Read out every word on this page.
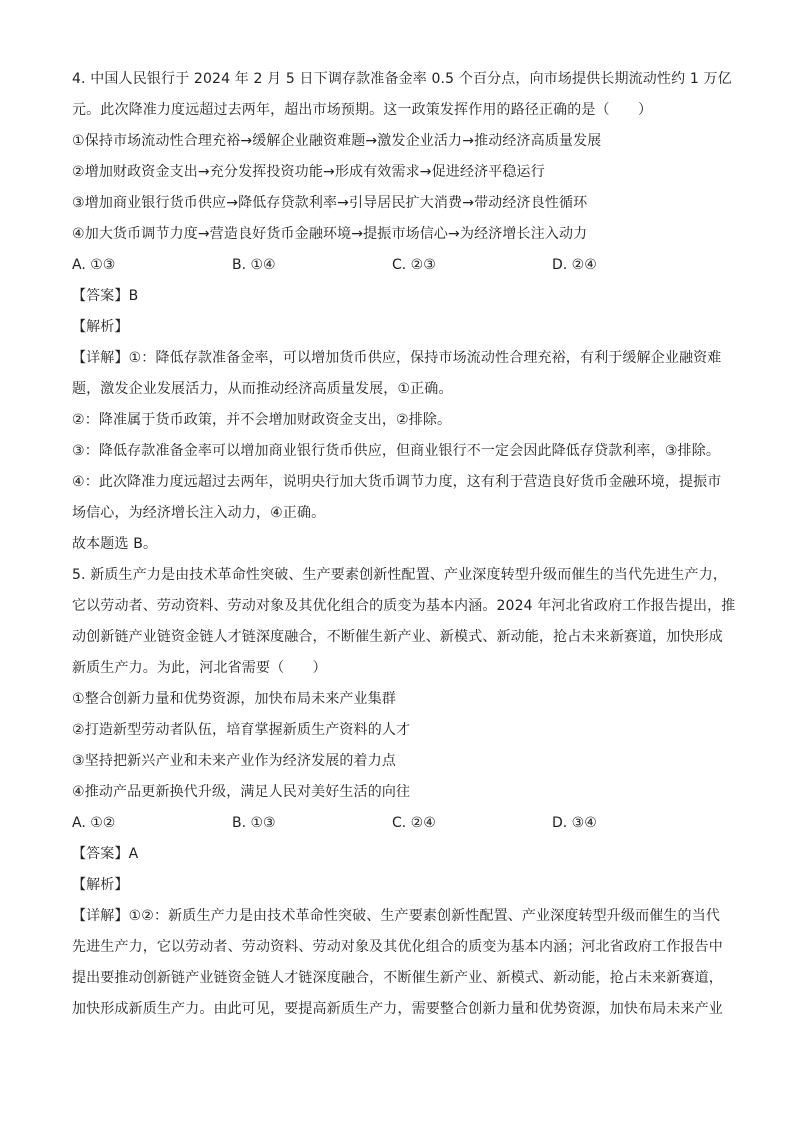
4. 中国人民银行于 2024 年 2 月 5 日下调存款准备金率 0.5 个百分点，向市场提供长期流动性约 1 万亿
元。此次降准力度远超过去两年，超出市场预期。这一政策发挥作用的路径正确的是（　　）
①保持市场流动性合理充裕→缓解企业融资难题→激发企业活力→推动经济高质量发展
②增加财政资金支出→充分发挥投资功能→形成有效需求→促进经济平稳运行
③增加商业银行货币供应→降低存贷款利率→引导居民扩大消费→带动经济良性循环
④加大货币调节力度→营造良好货币金融环境→提振市场信心→为经济增长注入动力
A. ①③	B. ①④	C. ②③	D. ②④
【答案】B
【解析】
【详解】①：降低存款准备金率，可以增加货币供应，保持市场流动性合理充裕，有利于缓解企业融资难
题，激发企业发展活力，从而推动经济高质量发展，①正确。
②：降准属于货币政策，并不会增加财政资金支出，②排除。
③：降低存款准备金率可以增加商业银行货币供应，但商业银行不一定会因此降低存贷款利率，③排除。
④：此次降准力度远超过去两年，说明央行加大货币调节力度，这有利于营造良好货币金融环境，提振市
场信心，为经济增长注入动力，④正确。
故本题选 B。
5. 新质生产力是由技术革命性突破、生产要素创新性配置、产业深度转型升级而催生的当代先进生产力，
它以劳动者、劳动资料、劳动对象及其优化组合的质变为基本内涵。2024 年河北省政府工作报告提出，推
动创新链产业链资金链人才链深度融合，不断催生新产业、新模式、新动能，抢占未来新赛道，加快形成
新质生产力。为此，河北省需要（　　）
①整合创新力量和优势资源，加快布局未来产业集群
②打造新型劳动者队伍，培育掌握新质生产资料的人才
③坚持把新兴产业和未来产业作为经济发展的着力点
④推动产品更新换代升级，满足人民对美好生活的向往
A. ①②	B. ①③	C. ②④	D. ③④
【答案】A
【解析】
【详解】①②：新质生产力是由技术革命性突破、生产要素创新性配置、产业深度转型升级而催生的当代
先进生产力，它以劳动者、劳动资料、劳动对象及其优化组合的质变为基本内涵；河北省政府工作报告中
提出要推动创新链产业链资金链人才链深度融合，不断催生新产业、新模式、新动能，抢占未来新赛道，
加快形成新质生产力。由此可见，要提高新质生产力，需要整合创新力量和优势资源，加快布局未来产业
